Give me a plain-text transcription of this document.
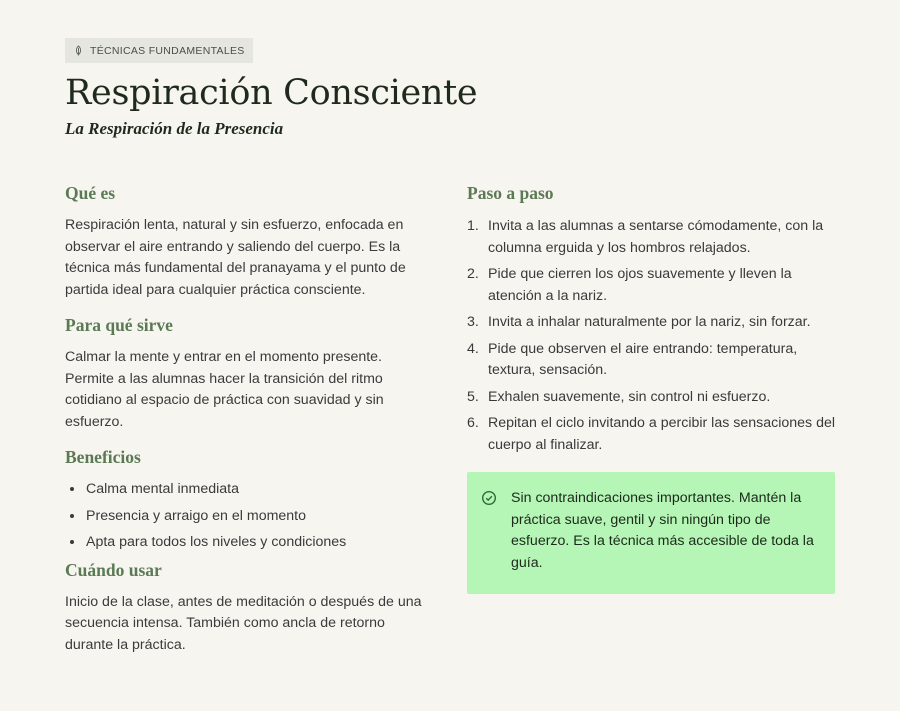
TÉCNICAS FUNDAMENTALES
Respiración Consciente
La Respiración de la Presencia
Qué es

Respiración lenta, natural y sin esfuerzo, enfocada en observar el aire entrando y saliendo del cuerpo. Es la técnica más fundamental del pranayama y el punto de partida ideal para cualquier práctica consciente.

Para qué sirve

Calmar la mente y entrar en el momento presente. Permite a las alumnas hacer la transición del ritmo cotidiano al espacio de práctica con suavidad y sin esfuerzo.

Beneficios
Calma mental inmediata
Presencia y arraigo en el momento
Apta para todos los niveles y condiciones
Cuándo usar

Inicio de la clase, antes de meditación o después de una secuencia intensa. También como ancla de retorno durante la práctica.

Paso a paso
1. Invita a las alumnas a sentarse cómodamente, con la columna erguida y los hombros relajados.
2. Pide que cierren los ojos suavemente y lleven la atención a la nariz.
3. Invita a inhalar naturalmente por la nariz, sin forzar.
4. Pide que observen el aire entrando: temperatura, textura, sensación.
5. Exhalen suavemente, sin control ni esfuerzo.
6. Repitan el ciclo invitando a percibir las sensaciones del cuerpo al finalizar.
Sin contraindicaciones importantes. Mantén la práctica suave, gentil y sin ningún tipo de esfuerzo. Es la técnica más accesible de toda la guía.
